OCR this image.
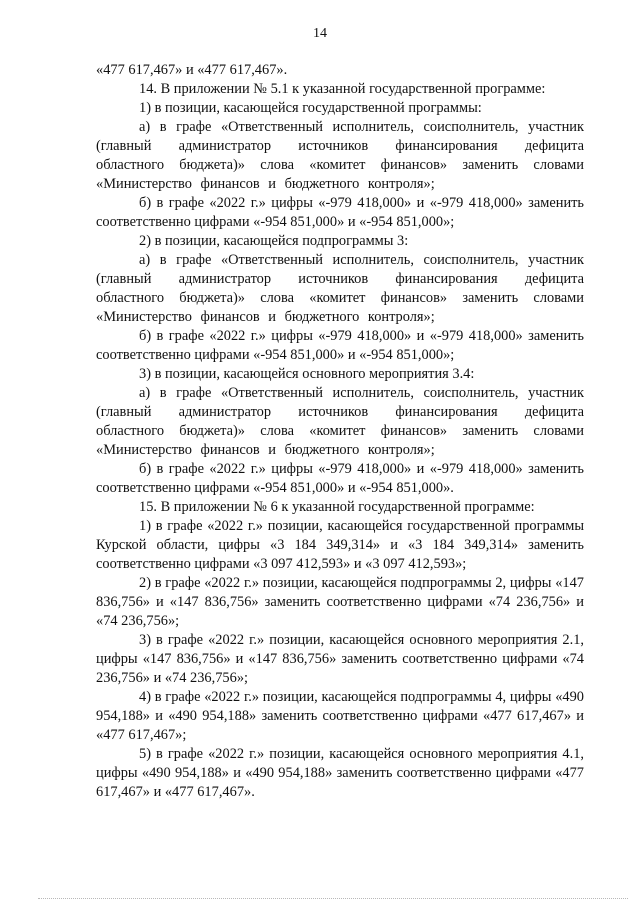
14

«477 617,467» и «477 617,467».

14. В приложении № 5.1 к указанной государственной программе:

1) в позиции, касающейся государственной программы:

а) в графе «Ответственный исполнитель, соисполнитель, участник (главный администратор источников финансирования дефицита областного бюджета)» слова «комитет финансов» заменить словами «Министерство финансов и бюджетного контроля»;

б) в графе «2022 г.» цифры «-979 418,000» и «-979 418,000» заменить соответственно цифрами «-954 851,000» и «-954 851,000»;

2) в позиции, касающейся подпрограммы 3:

а) в графе «Ответственный исполнитель, соисполнитель, участник (главный администратор источников финансирования дефицита областного бюджета)» слова «комитет финансов» заменить словами «Министерство финансов и бюджетного контроля»;

б) в графе «2022 г.» цифры «-979 418,000» и «-979 418,000» заменить соответственно цифрами «-954 851,000» и «-954 851,000»;

3) в позиции, касающейся основного мероприятия 3.4:

а) в графе «Ответственный исполнитель, соисполнитель, участник (главный администратор источников финансирования дефицита областного бюджета)» слова «комитет финансов» заменить словами «Министерство финансов и бюджетного контроля»;

б) в графе «2022 г.» цифры «-979 418,000» и «-979 418,000» заменить соответственно цифрами «-954 851,000» и «-954 851,000».

15. В приложении № 6 к указанной государственной программе:

1) в графе «2022 г.» позиции, касающейся государственной программы Курской области, цифры «3 184 349,314» и «3 184 349,314» заменить соответственно цифрами «3 097 412,593» и «3 097 412,593»;

2) в графе «2022 г.» позиции, касающейся подпрограммы 2, цифры «147 836,756» и «147 836,756» заменить соответственно цифрами «74 236,756» и «74 236,756»;

3) в графе «2022 г.» позиции, касающейся основного мероприятия 2.1, цифры «147 836,756» и «147 836,756» заменить соответственно цифрами «74 236,756» и «74 236,756»;

4) в графе «2022 г.» позиции, касающейся подпрограммы 4, цифры «490 954,188» и «490 954,188» заменить соответственно цифрами «477 617,467» и «477 617,467»;

5) в графе «2022 г.» позиции, касающейся основного мероприятия 4.1, цифры «490 954,188» и «490 954,188» заменить соответственно цифрами «477 617,467» и «477 617,467».
